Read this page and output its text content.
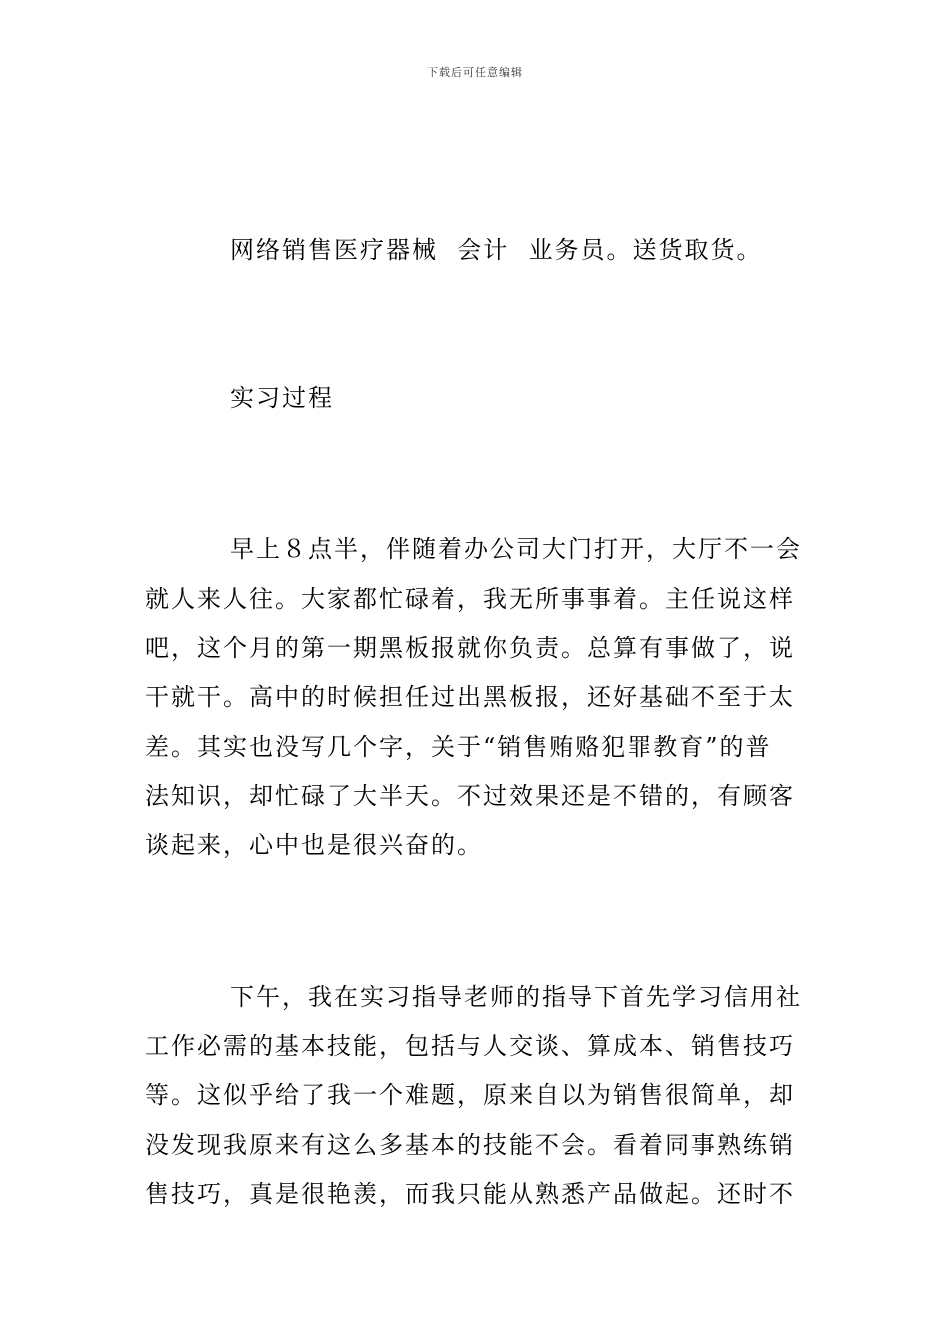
下载后可任意编辑
网络销售医疗器械  会计  业务员。送货取货。
实习过程
早上８点半，伴随着办公司大门打开，大厅不一会
就人来人往。大家都忙碌着，我无所事事着。主任说这样
吧，这个月的第一期黑板报就你负责。总算有事做了，说
干就干。高中的时候担任过出黑板报，还好基础不至于太
差。其实也没写几个字，关于“销售贿赂犯罪教育”的普
法知识，却忙碌了大半天。不过效果还是不错的，有顾客
谈起来，心中也是很兴奋的。
下午，我在实习指导老师的指导下首先学习信用社
工作必需的基本技能，包括与人交谈、算成本、销售技巧
等。这似乎给了我一个难题，原来自以为销售很简单，却
没发现我原来有这么多基本的技能不会。看着同事熟练销
售技巧，真是很艳羡，而我只能从熟悉产品做起。还时不
